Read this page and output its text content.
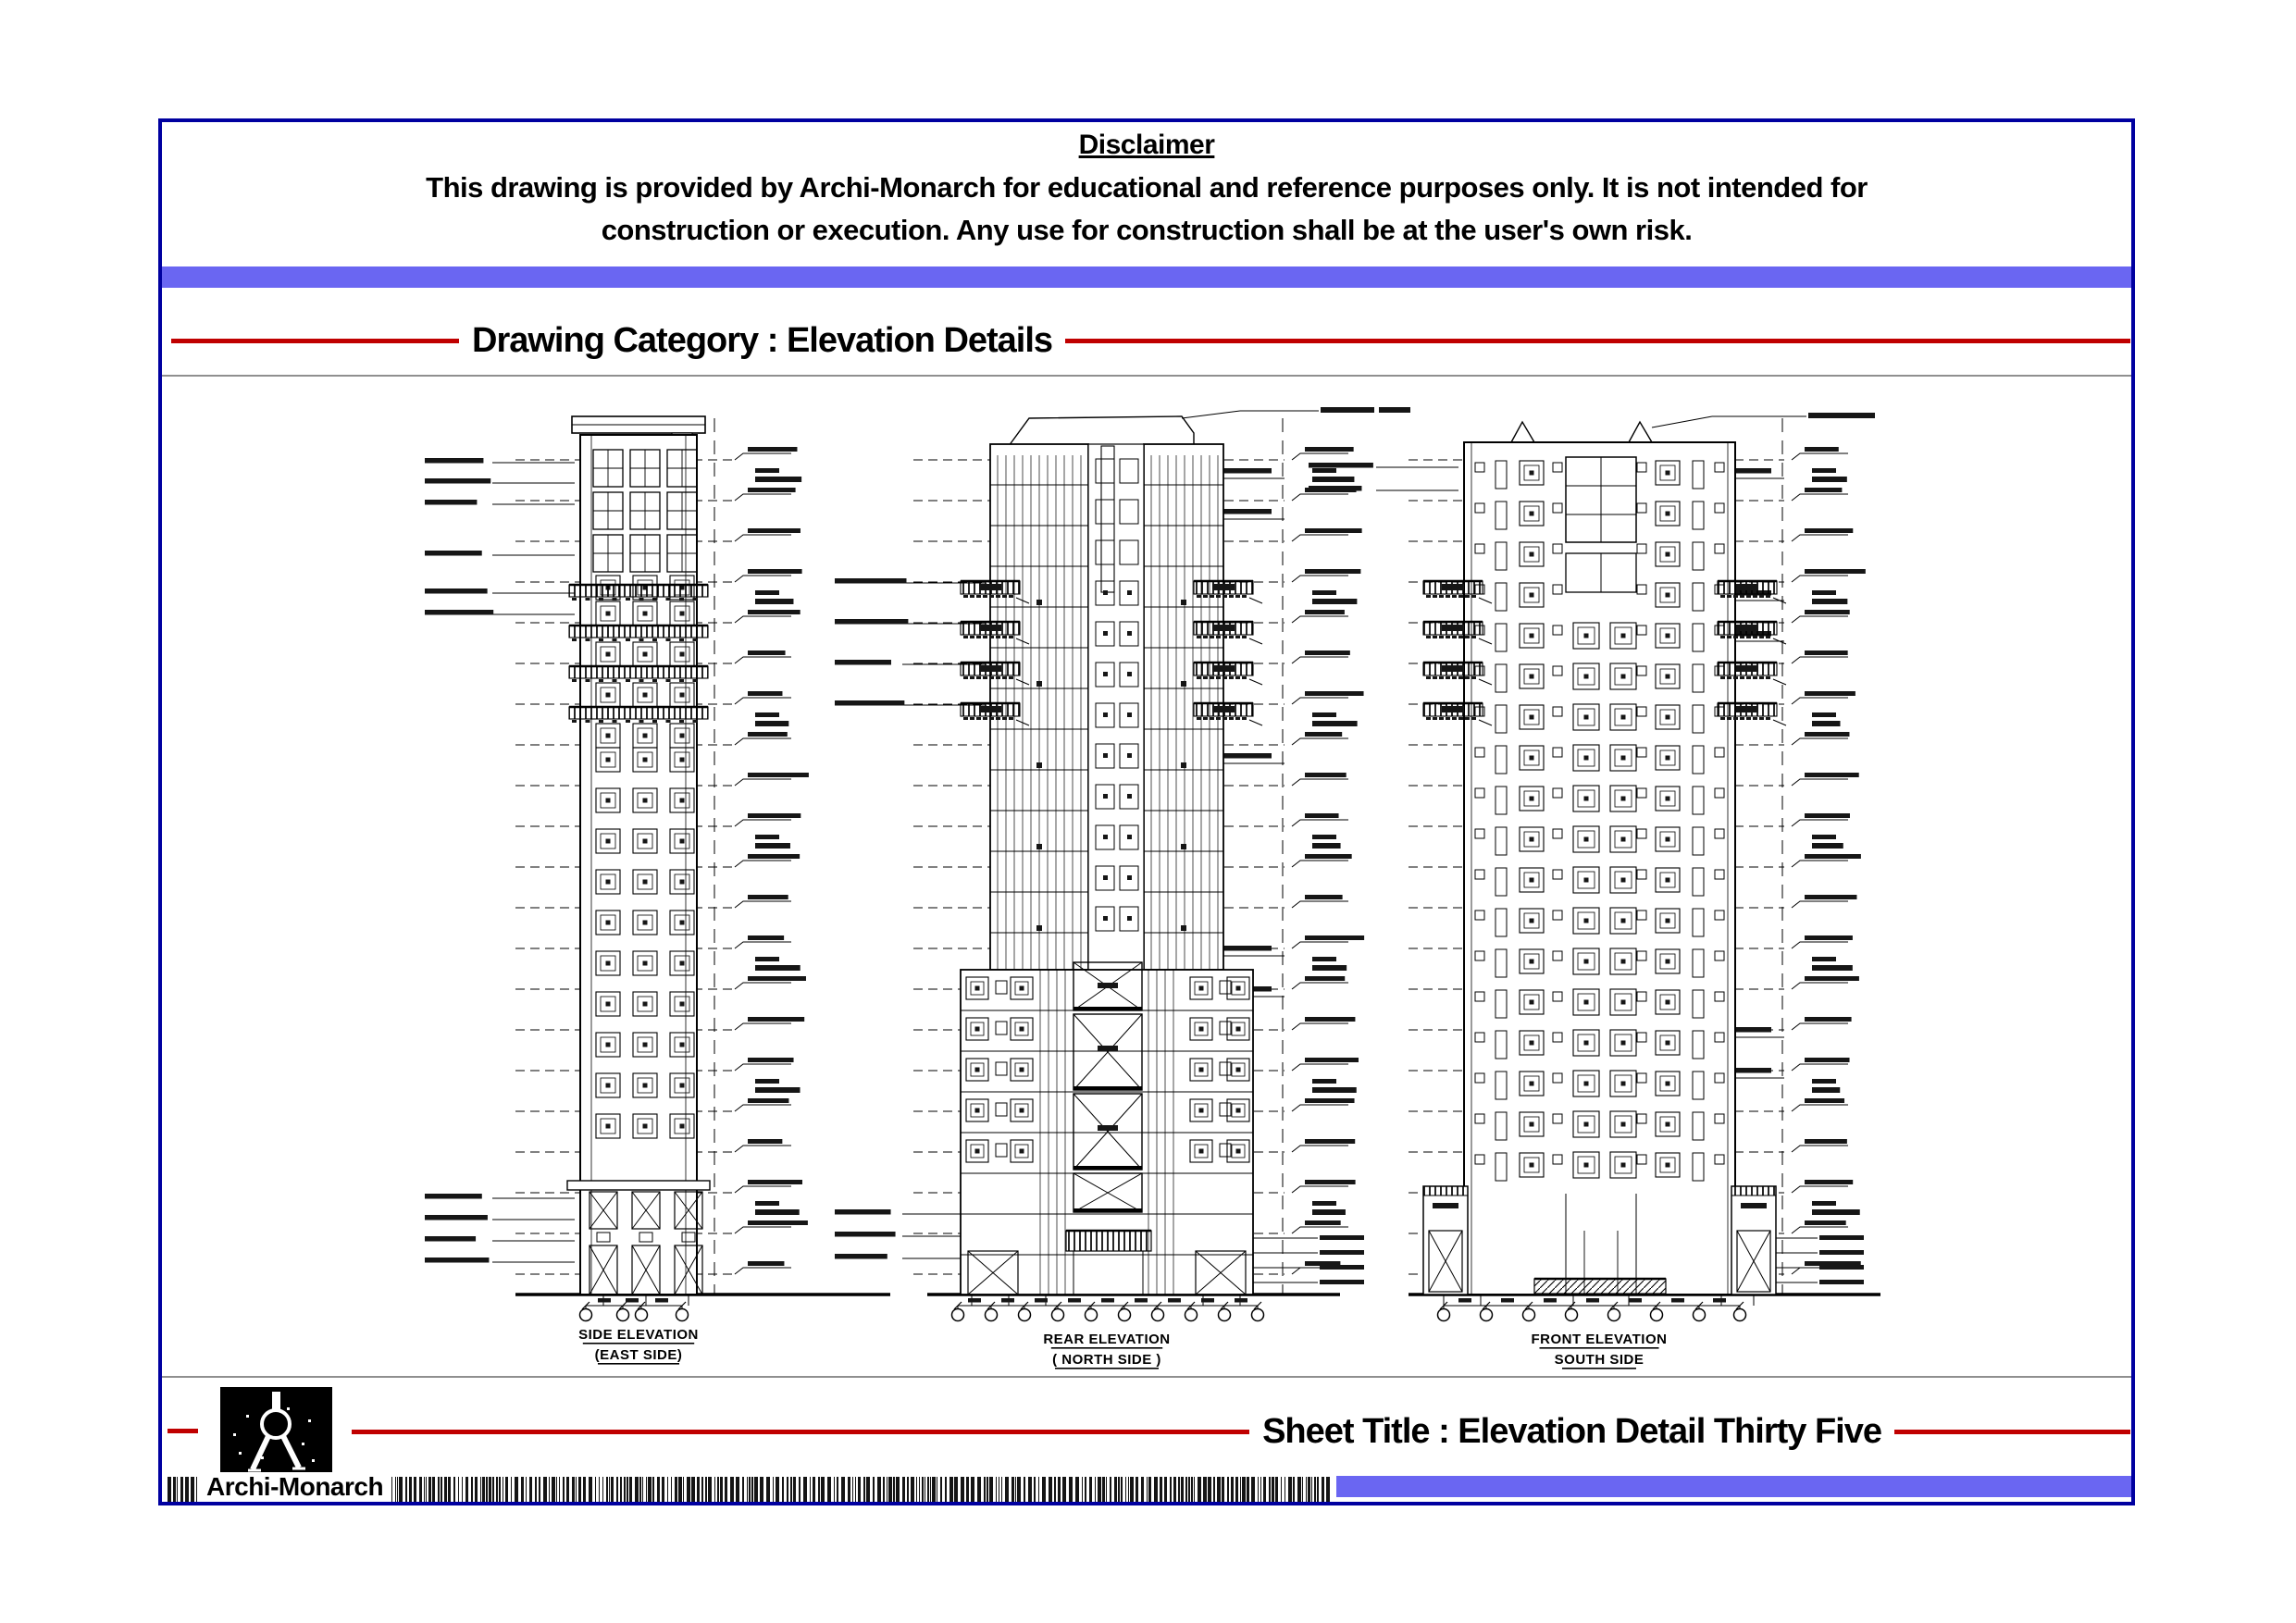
Disclaimer
This drawing is provided by Archi-Monarch for educational and reference purposes only. It is not intended for
construction or execution. Any use for construction shall be at the user's own risk.
Drawing Category : Elevation Details
SIDE ELEVATION
(EAST SIDE)
REAR ELEVATION
( NORTH SIDE )
FRONT ELEVATION
SOUTH SIDE
Sheet Title : Elevation Detail Thirty Five
Archi-Monarch
